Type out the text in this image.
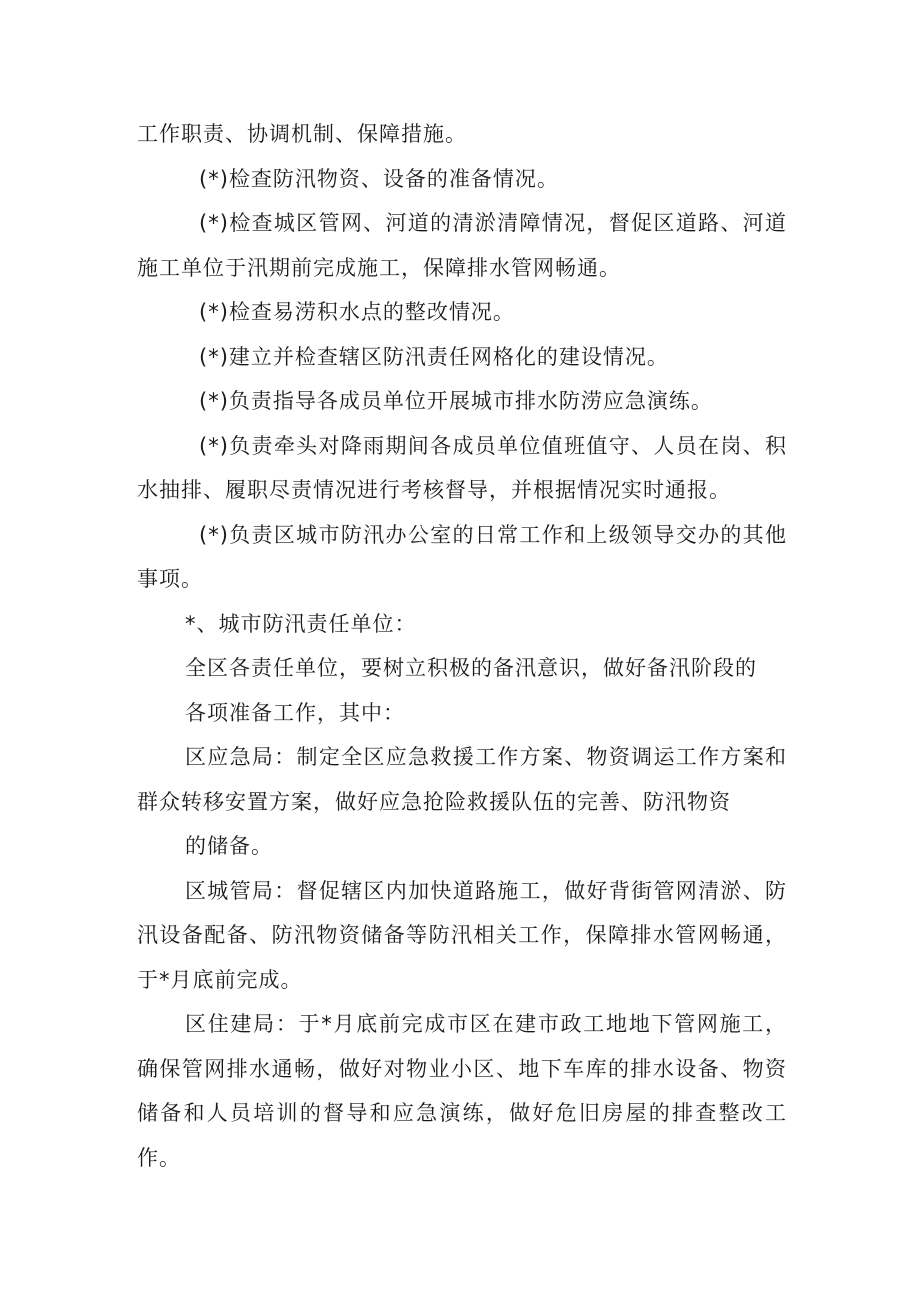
工作职责、协调机制、保障措施。

(*)检查防汛物资、设备的准备情况。

(*)检查城区管网、河道的清淤清障情况，督促区道路、河道施工单位于汛期前完成施工，保障排水管网畅通。

(*)检查易涝积水点的整改情况。

(*)建立并检查辖区防汛责任网格化的建设情况。

(*)负责指导各成员单位开展城市排水防涝应急演练。

(*)负责牵头对降雨期间各成员单位值班值守、人员在岗、积水抽排、履职尽责情况进行考核督导，并根据情况实时通报。

(*)负责区城市防汛办公室的日常工作和上级领导交办的其他事项。

*、城市防汛责任单位：

全区各责任单位，要树立积极的备汛意识，做好备汛阶段的

各项准备工作，其中：

区应急局：制定全区应急救援工作方案、物资调运工作方案和群众转移安置方案，做好应急抢险救援队伍的完善、防汛物资

的储备。

区城管局：督促辖区内加快道路施工，做好背街管网清淤、防汛设备配备、防汛物资储备等防汛相关工作，保障排水管网畅通，于*月底前完成。

区住建局：于*月底前完成市区在建市政工地地下管网施工，确保管网排水通畅，做好对物业小区、地下车库的排水设备、物资储备和人员培训的督导和应急演练，做好危旧房屋的排查整改工作。
